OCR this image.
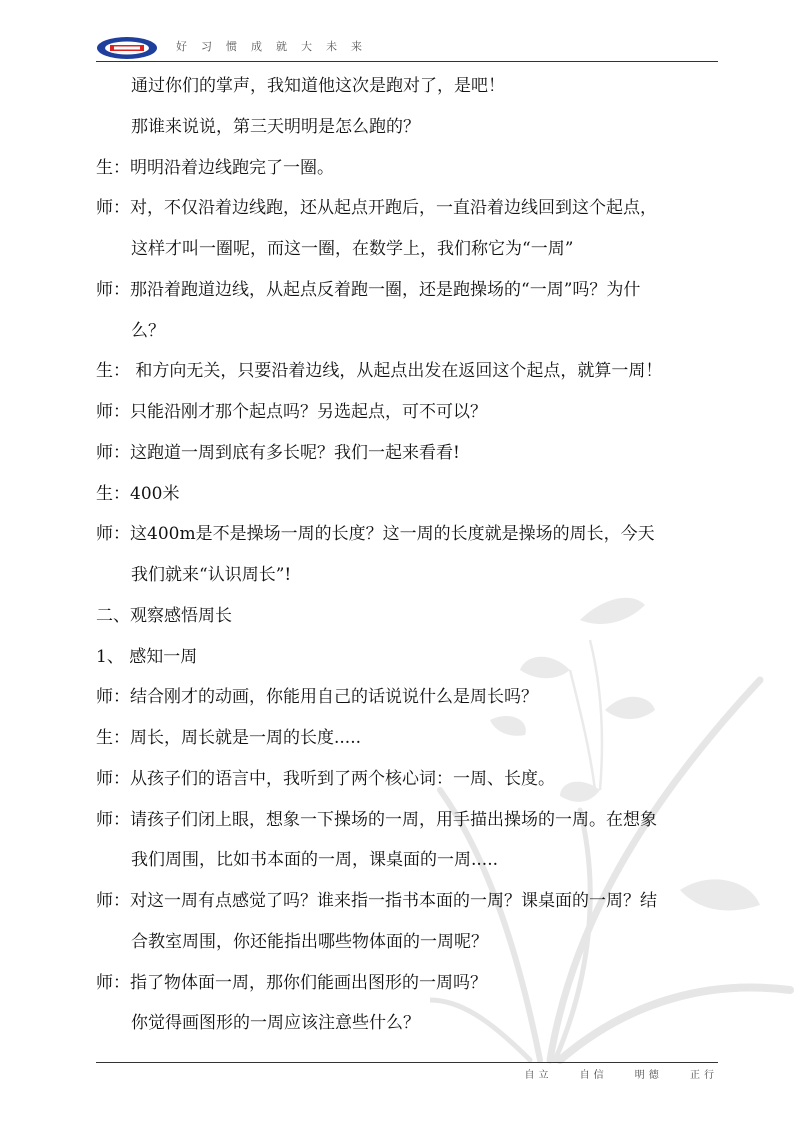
好习惯成就大未来
通过你们的掌声，我知道他这次是跑对了，是吧！
那谁来说说，第三天明明是怎么跑的？
生：明明沿着边线跑完了一圈。
师：对，不仅沿着边线跑，还从起点开跑后，一直沿着边线回到这个起点，
这样才叫一圈呢，而这一圈，在数学上，我们称它为“一周”
师：那沿着跑道边线，从起点反着跑一圈，还是跑操场的“一周”吗？为什
么？
生： 和方向无关，只要沿着边线，从起点出发在返回这个起点，就算一周！
师：只能沿刚才那个起点吗？另选起点，可不可以？
师：这跑道一周到底有多长呢？我们一起来看看!
生：400米
师：这400m是不是操场一周的长度？这一周的长度就是操场的周长，今天
我们就来“认识周长”!
二、观察感悟周长
1、 感知一周
师：结合刚才的动画，你能用自己的话说说什么是周长吗？
生：周长，周长就是一周的长度.....
师：从孩子们的语言中，我听到了两个核心词：一周、长度。
师：请孩子们闭上眼，想象一下操场的一周，用手描出操场的一周。在想象
我们周围，比如书本面的一周，课桌面的一周.....
师：对这一周有点感觉了吗？谁来指一指书本面的一周？课桌面的一周？结
合教室周围，你还能指出哪些物体面的一周呢？
师：指了物体面一周，那你们能画出图形的一周吗？
你觉得画图形的一周应该注意些什么？
自立 自信 明德 正行
